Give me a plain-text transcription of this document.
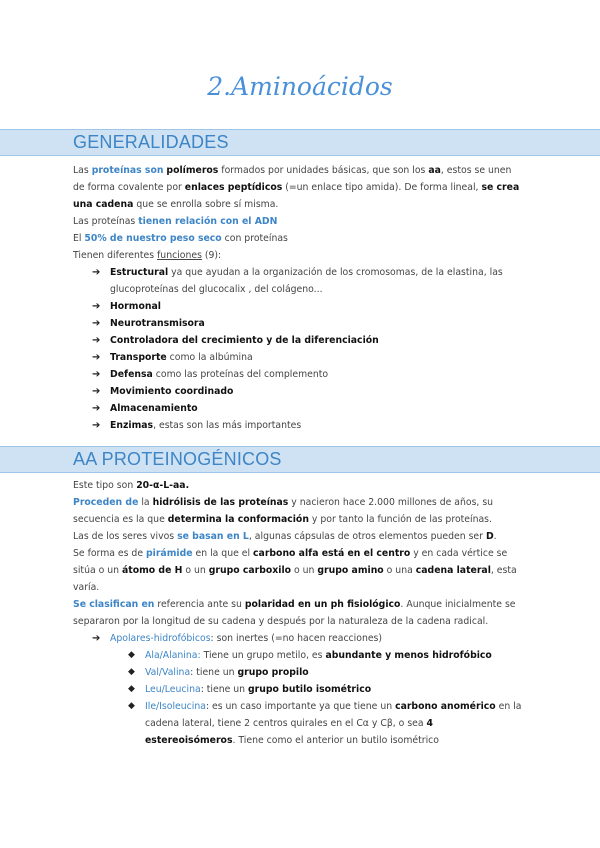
2.Aminoácidos
GENERALIDADES

Las proteínas son polímeros formados por unidades básicas, que son los aa, estos se unen de forma covalente por enlaces peptídicos (=un enlace tipo amida). De forma lineal, se crea una cadena que se enrolla sobre sí misma.

Las proteínas tienen relación con el ADN

El 50% de nuestro peso seco con proteínas

Tienen diferentes funciones (9):

➔ Estructural ya que ayudan a la organización de los cromosomas, de la elastina, las glucoproteínas del glucocalix , del colágeno...
➔ Hormonal
➔ Neurotransmisora
➔ Controladora del crecimiento y de la diferenciación
➔ Transporte como la albúmina
➔ Defensa como las proteínas del complemento
➔ Movimiento coordinado
➔ Almacenamiento
➔ Enzimas, estas son las más importantes
AA PROTEINOGÉNICOS

Este tipo son 20-α-L-aa.

Proceden de la hidrólisis de las proteínas y nacieron hace 2.000 millones de años, su secuencia es la que determina la conformación y por tanto la función de las proteínas.

Las de los seres vivos se basan en L, algunas cápsulas de otros elementos pueden ser D.

Se forma es de pirámide en la que el carbono alfa está en el centro y en cada vértice se sitúa o un átomo de H o un grupo carboxilo o un grupo amino o una cadena lateral, esta varía.

Se clasifican en referencia ante su polaridad en un ph fisiológico. Aunque inicialmente se separaron por la longitud de su cadena y después por la naturaleza de la cadena radical.

➔ Apolares-hidrofóbicos: son inertes (=no hacen reacciones)
◆ Ala/Alanina: Tiene un grupo metilo, es abundante y menos hidrofóbico
◆ Val/Valina: tiene un grupo propilo
◆ Leu/Leucina: tiene un grupo butilo isométrico
◆ Ile/Isoleucina: es un caso importante ya que tiene un carbono anomérico en la cadena lateral, tiene 2 centros quirales en el Cα y Cβ, o sea 4 estereoisómeros. Tiene como el anterior un butilo isométrico
